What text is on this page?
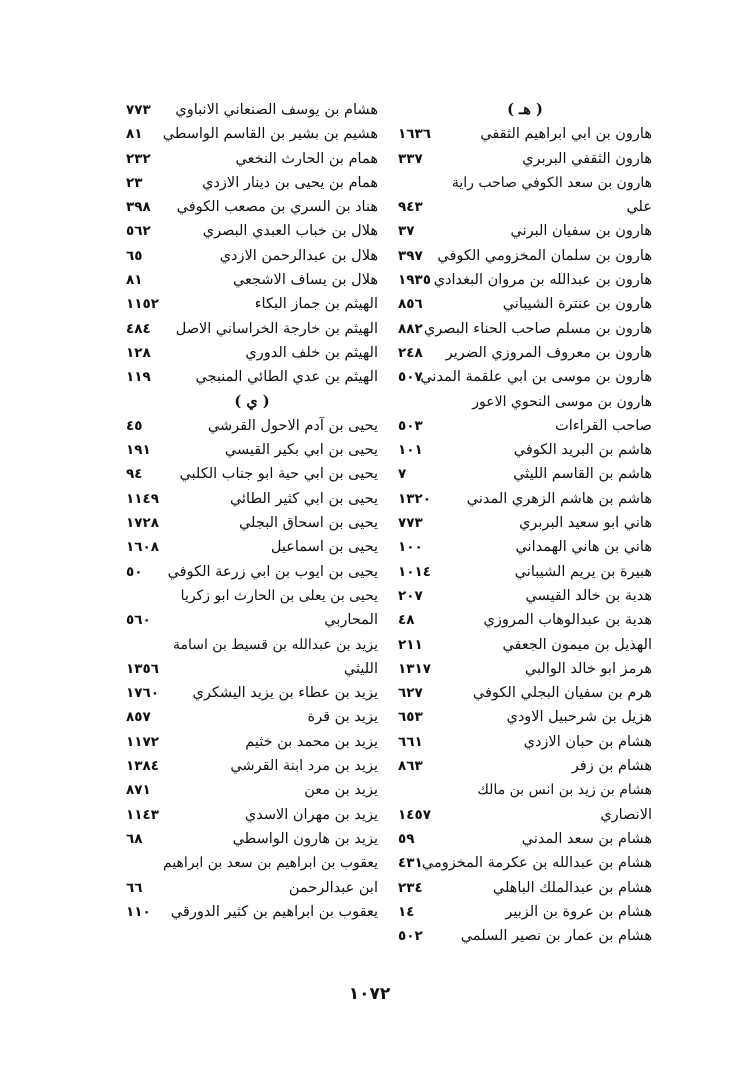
( هـ )
هارون بن ابي ابراهيم الثقفي
١٦٣٦
هارون الثقفي البربري
٣٣٧
هارون بن سعد الكوفي صاحب راية
علي
٩٤٣
هارون بن سفيان البرني
٣٧
هارون بن سلمان المخزومي الكوفي
٣٩٧
هارون بن عبدالله بن مروان البغدادي
١٩٣٥
هارون بن عنترة الشيباني
٨٥٦
هارون بن مسلم صاحب الحناء البصري
٨٨٢
هارون بن معروف المروزي الضرير
٢٤٨
هارون بن موسى بن ابي علقمة المدني
٥٠٧
هارون بن موسى النحوي الاعور
صاحب القراءات
٥٠٣
هاشم بن البريد الكوفي
١٠١
هاشم بن القاسم الليثي
٧
هاشم بن هاشم الزهري المدني
١٣٢٠
هاني ابو سعيد البربري
٧٧٣
هاني بن هاني الهمداني
١٠٠
هبيرة بن يريم الشيباني
١٠١٤
هدبة بن خالد القيسي
٢٠٧
هدية بن عبدالوهاب المروزي
٤٨
الهذيل بن ميمون الجعفي
٢١١
هرمز ابو خالد الوالبي
١٣١٧
هرم بن سفيان البجلي الكوفي
٦٢٧
هزيل بن شرحبيل الاودي
٦٥٣
هشام بن حبان الازدي
٦٦١
هشام بن زفر
٨٦٣
هشام بن زيد بن انس بن مالك
الانصاري
١٤٥٧
هشام بن سعد المدني
٥٩
هشام بن عبدالله بن عكرمة المخزومي
٤٣١
هشام بن عبدالملك الباهلي
٢٣٤
هشام بن عروة بن الزبير
١٤
هشام بن عمار بن نصير السلمي
٥٠٢
هشام بن يوسف الصنعاني الانباوي
٧٧٣
هشيم بن بشير بن القاسم الواسطي
٨١
همام بن الحارث النخعي
٢٣٢
همام بن يحيى بن دينار الازدي
٢٣
هناد بن السري بن مصعب الكوفي
٣٩٨
هلال بن خباب العبدي البصري
٥٦٢
هلال بن عبدالرحمن الازدي
٦٥
هلال بن يساف الاشجعي
٨١
الهيثم بن جماز البكاء
١١٥٢
الهيثم بن خارجة الخراساني الاصل
٤٨٤
الهيثم بن خلف الدوري
١٢٨
الهيثم بن عدي الطائي المنبجي
١١٩
( ي )
يحيى بن آدم الاحول القرشي
٤٥
يحيى بن ابي بكير القيسي
١٩١
يحيى بن ابي حية ابو جناب الكلبي
٩٤
يحيى بن ابي كثير الطائي
١١٤٩
يحيى بن اسحاق البجلي
١٧٢٨
يحيى بن اسماعيل
١٦٠٨
يحيى بن ايوب بن ابي زرعة الكوفي
٥٠
يحيى بن يعلى بن الحارث ابو زكريا
المحاربي
٥٦٠
يزيد بن عبدالله بن قسيط بن اسامة
الليثي
١٣٥٦
يزيد بن عطاء بن يزيد اليشكري
١٧٦٠
يزيد بن قرة
٨٥٧
يزيد بن محمد بن خثيم
١١٧٢
يزيد بن مرد ابنة القرشي
١٣٨٤
يزيد بن معن
٨٧١
يزيد بن مهران الاسدي
١١٤٣
يزيد بن هارون الواسطي
٦٨
يعقوب بن ابراهيم بن سعد بن ابراهيم
ابن عبدالرحمن
٦٦
يعقوب بن ابراهيم بن كثير الدورقي
١١٠
١٠٧٢
